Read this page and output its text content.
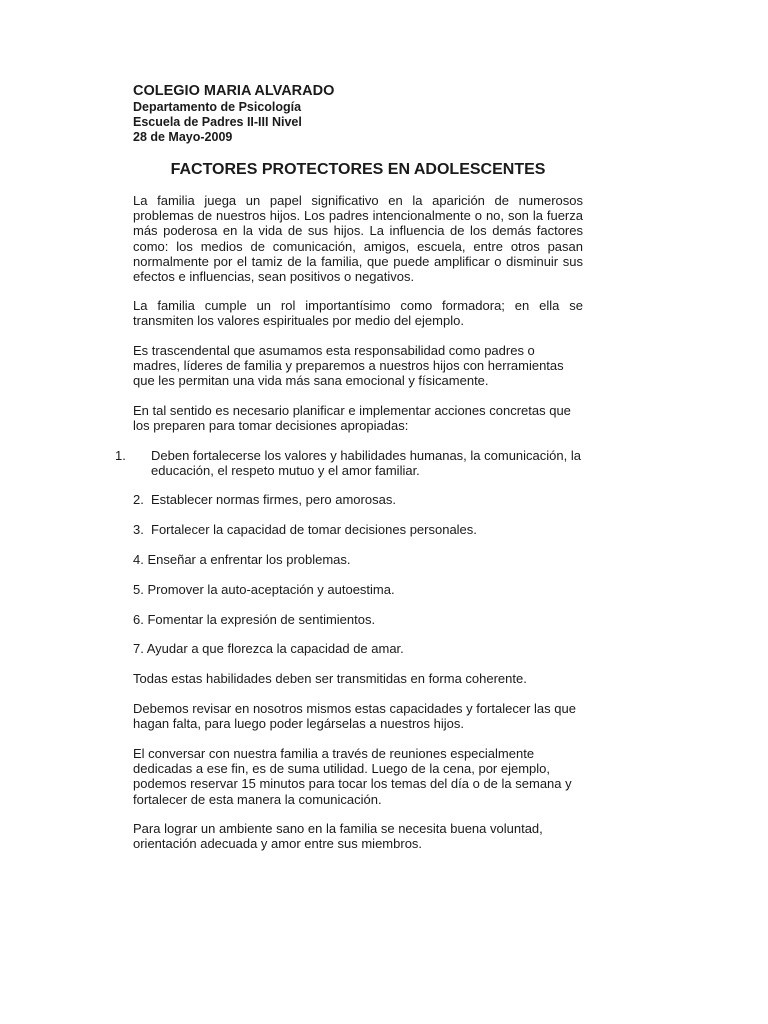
COLEGIO MARIA ALVARADO

Departamento de Psicología

Escuela de Padres II-III Nivel

28 de Mayo-2009

FACTORES PROTECTORES EN ADOLESCENTES

La familia juega un papel significativo en la aparición de numerosos problemas de nuestros hijos. Los padres intencionalmente o no, son la fuerza más poderosa en la vida de sus hijos. La influencia de los demás factores como: los medios de comunicación, amigos, escuela, entre otros pasan normalmente por el tamiz de la familia, que puede amplificar o disminuir sus efectos e influencias, sean positivos o negativos.

La familia cumple un rol importantísimo como formadora; en ella se transmiten los valores espirituales por medio del ejemplo.

Es trascendental que asumamos esta responsabilidad como padres o madres, líderes de familia y preparemos a nuestros hijos con herramientas que les permitan una vida más sana emocional y físicamente.

En tal sentido es necesario planificar e implementar acciones concretas que los preparen para tomar decisiones apropiadas:

1. Deben fortalecerse los valores y habilidades humanas, la comunicación, la educación, el respeto mutuo y el amor familiar.
2. Establecer normas firmes, pero amorosas.
3. Fortalecer la capacidad de tomar decisiones personales.
4. Enseñar a enfrentar los problemas.
5. Promover la auto-aceptación y autoestima.
6. Fomentar la expresión de sentimientos.
7. Ayudar a que florezca la capacidad de amar.

Todas estas habilidades deben ser transmitidas en forma coherente.

Debemos revisar en nosotros mismos estas capacidades y fortalecer las que hagan falta, para luego poder legárselas a nuestros hijos.

El conversar con nuestra familia a través de reuniones especialmente dedicadas a ese fin, es de suma utilidad. Luego de la cena, por ejemplo, podemos reservar 15 minutos para tocar los temas del día o de la semana y fortalecer de esta manera la comunicación.

Para lograr un ambiente sano en la familia se necesita buena voluntad, orientación adecuada y amor entre sus miembros.
